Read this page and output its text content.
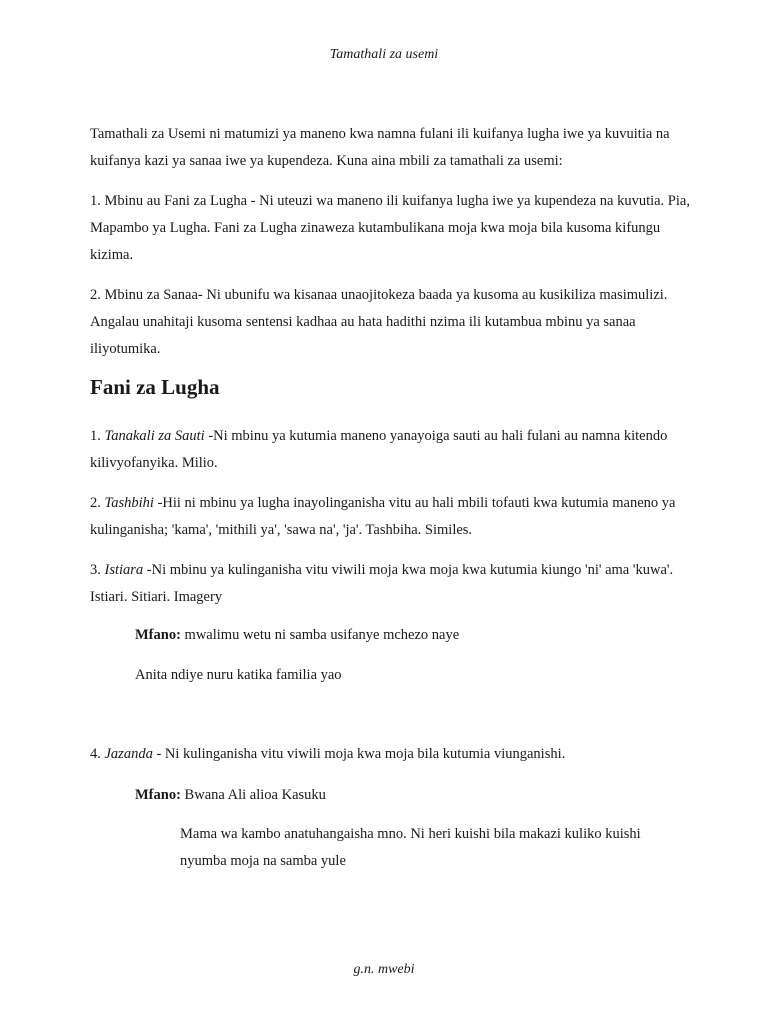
Tamathali za usemi

Tamathali za Usemi ni matumizi ya maneno kwa namna fulani ili kuifanya lugha iwe ya kuvuitia na kuifanya kazi ya sanaa iwe ya kupendeza. Kuna aina mbili za tamathali za usemi:

1. Mbinu au Fani za Lugha - Ni uteuzi wa maneno ili kuifanya lugha iwe ya kupendeza na kuvutia. Pia, Mapambo ya Lugha. Fani za Lugha zinaweza kutambulikana moja kwa moja bila kusoma kifungu kizima.

2. Mbinu za Sanaa- Ni ubunifu wa kisanaa unaojitokeza baada ya kusoma au kusikiliza masimulizi. Angalau unahitaji kusoma sentensi kadhaa au hata hadithi nzima ili kutambua mbinu ya sanaa iliyotumika.

Fani za Lugha

1. Tanakali za Sauti -Ni mbinu ya kutumia maneno yanayoiga sauti au hali fulani au namna kitendo kilivyofanyika. Milio.

2. Tashbihi -Hii ni mbinu ya lugha inayolinganisha vitu au hali mbili tofauti kwa kutumia maneno ya kulinganisha; 'kama', 'mithili ya', 'sawa na', 'ja'. Tashbiha. Similes.

3. Istiara -Ni mbinu ya kulinganisha vitu viwili moja kwa moja kwa kutumia kiungo 'ni' ama 'kuwa'. Istiari. Sitiari. Imagery

Mfano: mwalimu wetu ni samba usifanye mchezo naye

Anita ndiye nuru katika familia yao

4. Jazanda - Ni kulinganisha vitu viwili moja kwa moja bila kutumia viunganishi.

Mfano: Bwana Ali alioa Kasuku

Mama wa kambo anatuhangaisha mno. Ni heri kuishi bila makazi kuliko kuishi nyumba moja na samba yule

g.n. mwebi
